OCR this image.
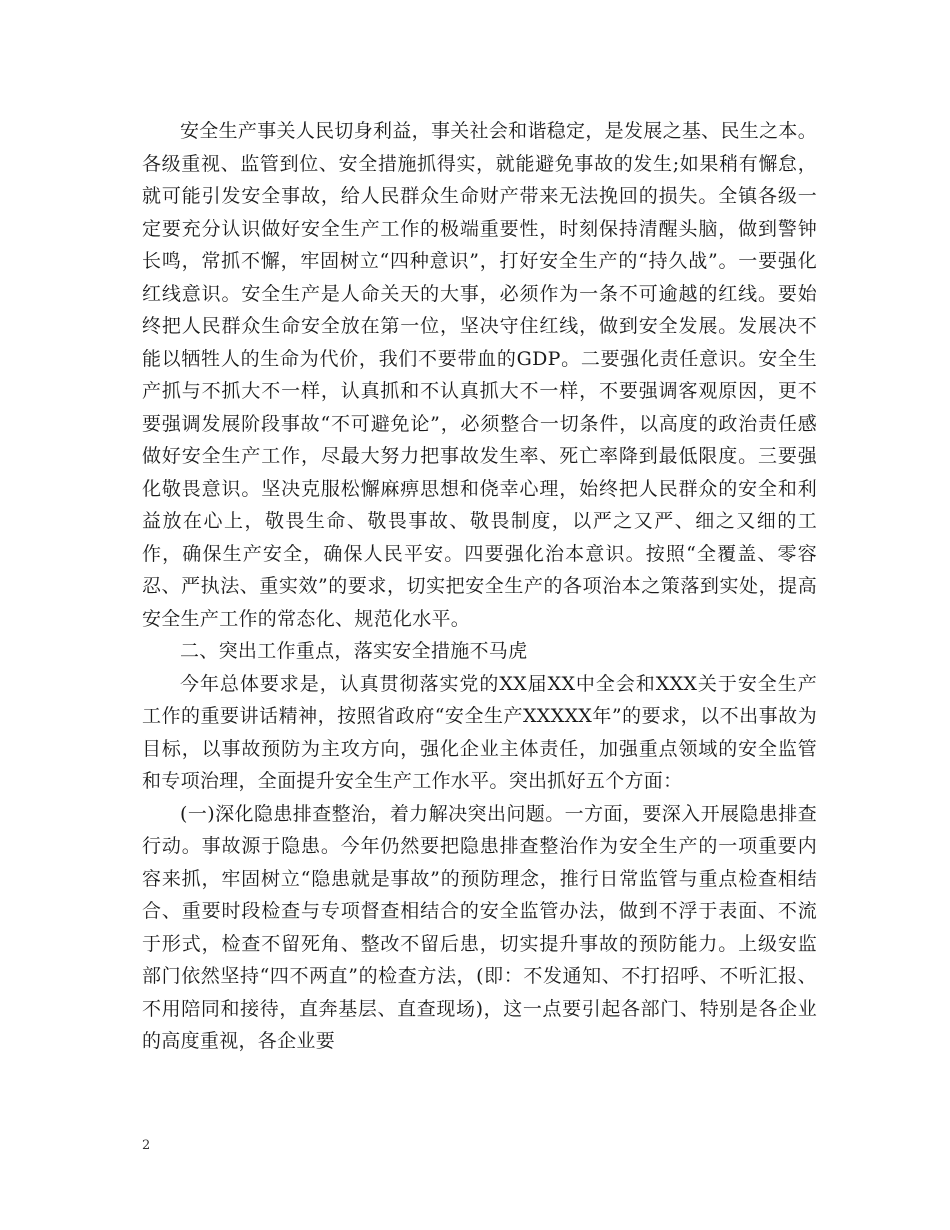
安全生产事关人民切身利益，事关社会和谐稳定，是发展之基、民生之本。各级重视、监管到位、安全措施抓得实，就能避免事故的发生;如果稍有懈怠，就可能引发安全事故，给人民群众生命财产带来无法挽回的损失。全镇各级一定要充分认识做好安全生产工作的极端重要性，时刻保持清醒头脑，做到警钟长鸣，常抓不懈，牢固树立“四种意识”，打好安全生产的“持久战”。一要强化红线意识。安全生产是人命关天的大事，必须作为一条不可逾越的红线。要始终把人民群众生命安全放在第一位，坚决守住红线，做到安全发展。发展决不能以牺牲人的生命为代价，我们不要带血的GDP。二要强化责任意识。安全生产抓与不抓大不一样，认真抓和不认真抓大不一样，不要强调客观原因，更不要强调发展阶段事故“不可避免论”，必须整合一切条件，以高度的政治责任感做好安全生产工作，尽最大努力把事故发生率、死亡率降到最低限度。三要强化敬畏意识。坚决克服松懈麻痹思想和侥幸心理，始终把人民群众的安全和利益放在心上，敬畏生命、敬畏事故、敬畏制度，以严之又严、细之又细的工作，确保生产安全，确保人民平安。四要强化治本意识。按照“全覆盖、零容忍、严执法、重实效”的要求，切实把安全生产的各项治本之策落到实处，提高安全生产工作的常态化、规范化水平。

二、突出工作重点，落实安全措施不马虎

今年总体要求是，认真贯彻落实党的XX届XX中全会和XXX关于安全生产工作的重要讲话精神，按照省政府“安全生产XXXXX年”的要求，以不出事故为目标，以事故预防为主攻方向，强化企业主体责任，加强重点领域的安全监管和专项治理，全面提升安全生产工作水平。突出抓好五个方面：

(一)深化隐患排查整治，着力解决突出问题。一方面，要深入开展隐患排查行动。事故源于隐患。今年仍然要把隐患排查整治作为安全生产的一项重要内容来抓，牢固树立“隐患就是事故”的预防理念，推行日常监管与重点检查相结合、重要时段检查与专项督查相结合的安全监管办法，做到不浮于表面、不流于形式，检查不留死角、整改不留后患，切实提升事故的预防能力。上级安监部门依然坚持“四不两直”的检查方法，(即：不发通知、不打招呼、不听汇报、不用陪同和接待，直奔基层、直查现场)，这一点要引起各部门、特别是各企业的高度重视，各企业要

2
